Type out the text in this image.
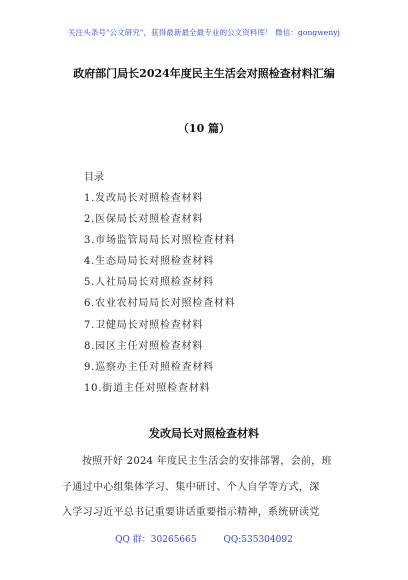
关注头条号"公文研究"，获得最新最全最专业的公文资料库！ 微信：gongwenyj
政府部门局长2024年度民主生活会对照检查材料汇编
（10 篇）
目录
1.发改局长对照检查材料
2.医保局长对照检查材料
3.市场监管局局长对照检查材料
4.生态局局长对照检查材料
5.人社局局长对照检查材料
6.农业农村局局长对照检查材料
7.卫健局长对照检查材料
8.园区主任对照检查材料
9.巡察办主任对照检查材料
10.街道主任对照检查材料
发改局长对照检查材料
按照开好 2024 年度民主生活会的安排部署，会前，班
子通过中心组集体学习、集中研讨、个人自学等方式，深
入学习习近平总书记重要讲话重要指示精神，系统研读党
QQ 群：30265665	QQ:535304092
